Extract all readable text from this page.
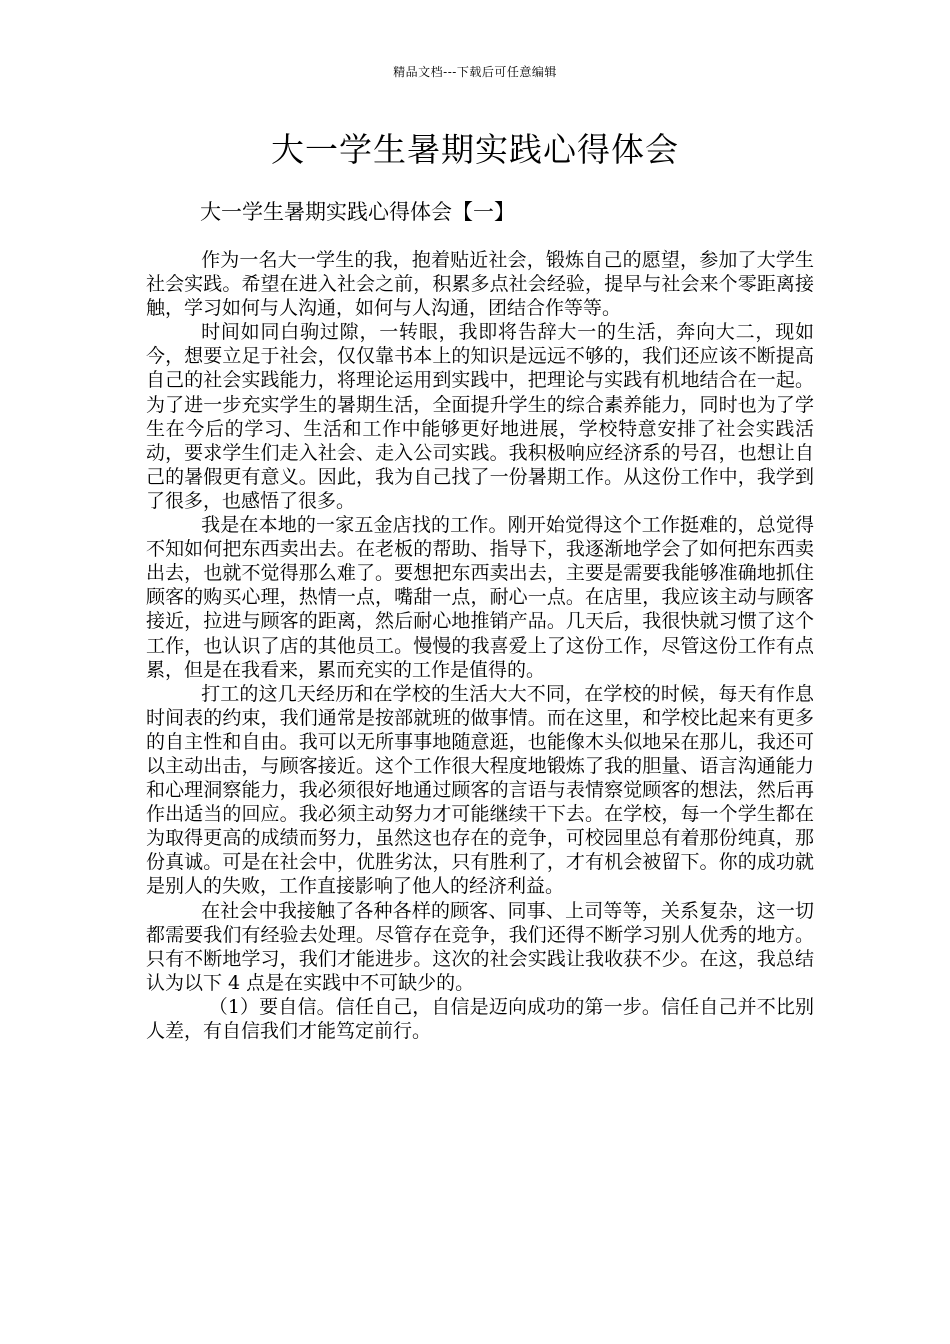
精品文档---下载后可任意编辑
大一学生暑期实践心得体会
大一学生暑期实践心得体会【一】

作为一名大一学生的我，抱着贴近社会，锻炼自己的愿望，参加了大学生社会实践。希望在进入社会之前，积累多点社会经验，提早与社会来个零距离接触，学习如何与人沟通，如何与人沟通，团结合作等等。

时间如同白驹过隙，一转眼，我即将告辞大一的生活，奔向大二，现如今，想要立足于社会，仅仅靠书本上的知识是远远不够的，我们还应该不断提高自己的社会实践能力，将理论运用到实践中，把理论与实践有机地结合在一起。为了进一步充实学生的暑期生活，全面提升学生的综合素养能力，同时也为了学生在今后的学习、生活和工作中能够更好地进展，学校特意安排了社会实践活动，要求学生们走入社会、走入公司实践。我积极响应经济系的号召，也想让自己的暑假更有意义。因此，我为自己找了一份暑期工作。从这份工作中，我学到了很多，也感悟了很多。

我是在本地的一家五金店找的工作。刚开始觉得这个工作挺难的，总觉得不知如何把东西卖出去。在老板的帮助、指导下，我逐渐地学会了如何把东西卖出去，也就不觉得那么难了。要想把东西卖出去，主要是需要我能够准确地抓住顾客的购买心理，热情一点，嘴甜一点，耐心一点。在店里，我应该主动与顾客接近，拉进与顾客的距离，然后耐心地推销产品。几天后，我很快就习惯了这个工作，也认识了店的其他员工。慢慢的我喜爱上了这份工作，尽管这份工作有点累，但是在我看来，累而充实的工作是值得的。

打工的这几天经历和在学校的生活大大不同，在学校的时候，每天有作息时间表的约束，我们通常是按部就班的做事情。而在这里，和学校比起来有更多的自主性和自由。我可以无所事事地随意逛，也能像木头似地呆在那儿，我还可以主动出击，与顾客接近。这个工作很大程度地锻炼了我的胆量、语言沟通能力和心理洞察能力，我必须很好地通过顾客的言语与表情察觉顾客的想法，然后再作出适当的回应。我必须主动努力才可能继续干下去。在学校，每一个学生都在为取得更高的成绩而努力，虽然这也存在的竞争，可校园里总有着那份纯真，那份真诚。可是在社会中，优胜劣汰，只有胜利了，才有机会被留下。你的成功就是别人的失败，工作直接影响了他人的经济利益。

在社会中我接触了各种各样的顾客、同事、上司等等，关系复杂，这一切都需要我们有经验去处理。尽管存在竞争，我们还得不断学习别人优秀的地方。只有不断地学习，我们才能进步。这次的社会实践让我收获不少。在这，我总结认为以下 4 点是在实践中不可缺少的。

（1）要自信。信任自己，自信是迈向成功的第一步。信任自己并不比别人差，有自信我们才能笃定前行。
